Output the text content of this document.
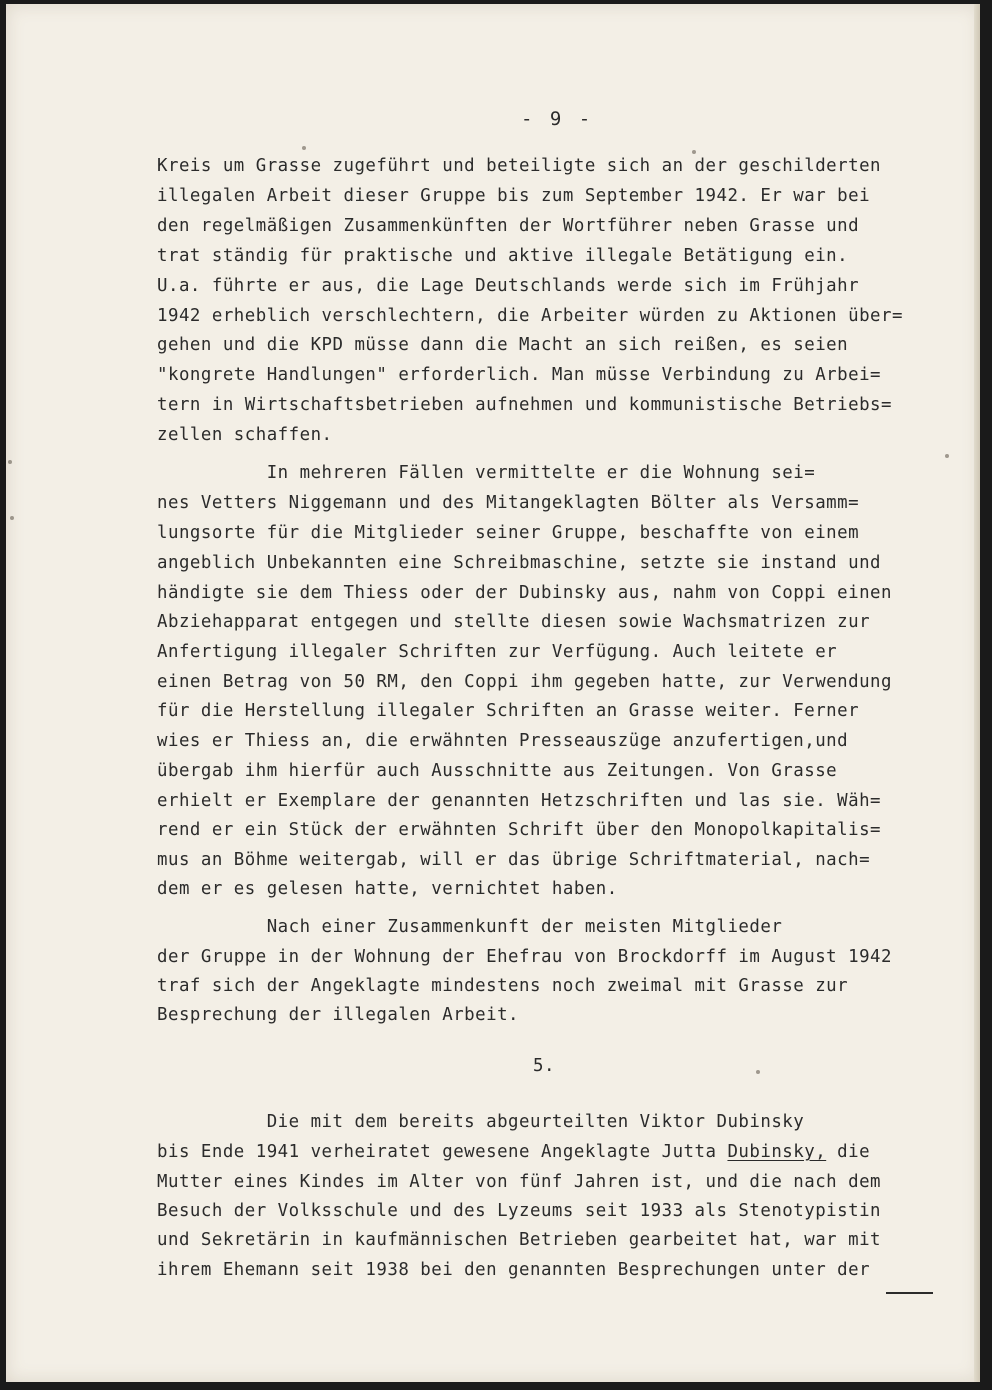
- 9 -
Kreis um Grasse zugeführt und beteiligte sich an der geschilderten
illegalen Arbeit dieser Gruppe bis zum September 1942. Er war bei
den regelmäßigen Zusammenkünften der Wortführer neben Grasse und
trat ständig für praktische und aktive illegale Betätigung ein.
U.a. führte er aus, die Lage Deutschlands werde sich im Frühjahr
1942 erheblich verschlechtern, die Arbeiter würden zu Aktionen über=
gehen und die KPD müsse dann die Macht an sich reißen, es seien
"kongrete Handlungen" erforderlich. Man müsse Verbindung zu Arbei=
tern in Wirtschaftsbetrieben aufnehmen und kommunistische Betriebs=
zellen schaffen.
In mehreren Fällen vermittelte er die Wohnung sei=
nes Vetters Niggemann und des Mitangeklagten Bölter als Versamm=
lungsorte für die Mitglieder seiner Gruppe, beschaffte von einem
angeblich Unbekannten eine Schreibmaschine, setzte sie instand und
händigte sie dem Thiess oder der Dubinsky aus, nahm von Coppi einen
Abziehapparat entgegen und stellte diesen sowie Wachsmatrizen zur
Anfertigung illegaler Schriften zur Verfügung. Auch leitete er
einen Betrag von 50 RM, den Coppi ihm gegeben hatte, zur Verwendung
für die Herstellung illegaler Schriften an Grasse weiter. Ferner
wies er Thiess an, die erwähnten Presseauszüge anzufertigen,und
übergab ihm hierfür auch Ausschnitte aus Zeitungen. Von Grasse
erhielt er Exemplare der genannten Hetzschriften und las sie. Wäh=
rend er ein Stück der erwähnten Schrift über den Monopolkapitalis=
mus an Böhme weitergab, will er das übrige Schriftmaterial, nach=
dem er es gelesen hatte, vernichtet haben.
Nach einer Zusammenkunft der meisten Mitglieder
der Gruppe in der Wohnung der Ehefrau von Brockdorff im August 1942
traf sich der Angeklagte mindestens noch zweimal mit Grasse zur
Besprechung der illegalen Arbeit.
5.
Die mit dem bereits abgeurteilten Viktor Dubinsky
bis Ende 1941 verheiratet gewesene Angeklagte Jutta Dubinsky, die
Mutter eines Kindes im Alter von fünf Jahren ist, und die nach dem
Besuch der Volksschule und des Lyzeums seit 1933 als Stenotypistin
und Sekretärin in kaufmännischen Betrieben gearbeitet hat, war mit
ihrem Ehemann seit 1938 bei den genannten Besprechungen unter der
